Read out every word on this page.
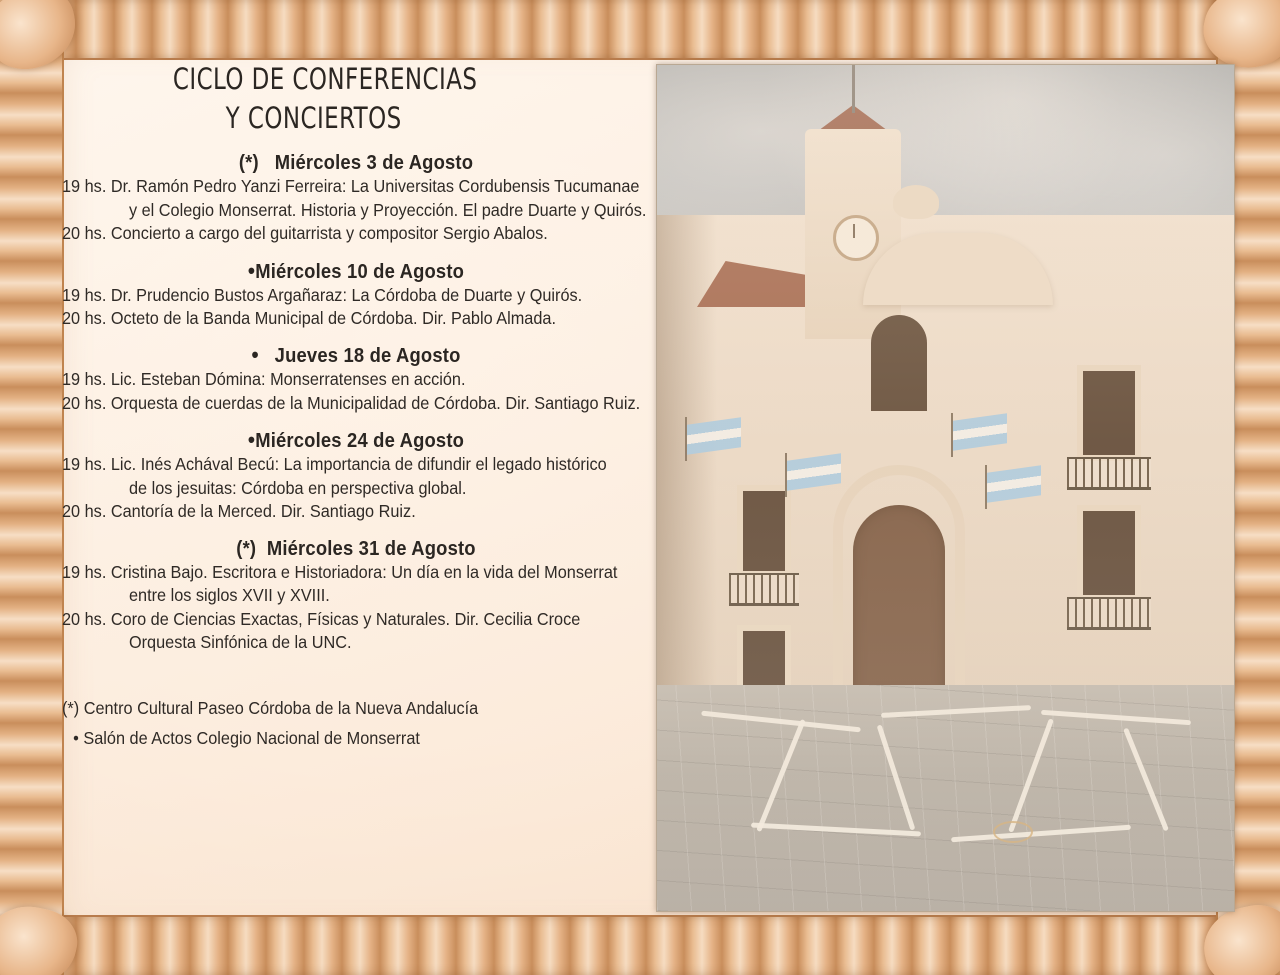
CICLO DE CONFERENCIAS
Y CONCIERTOS
(*) Miércoles 3 de Agosto
19 hs. Dr. Ramón Pedro Yanzi Ferreira: La Universitas Cordubensis Tucumanae
y el Colegio Monserrat. Historia y Proyección. El padre Duarte y Quirós.
20 hs. Concierto a cargo del guitarrista y compositor Sergio Abalos.
•Miércoles 10 de Agosto
19 hs. Dr. Prudencio Bustos Argañaraz: La Córdoba de Duarte y Quirós.
20 hs. Octeto de la Banda Municipal de Córdoba. Dir. Pablo Almada.
• Jueves 18 de Agosto
19 hs. Lic. Esteban Dómina: Monserratenses en acción.
20 hs. Orquesta de cuerdas de la Municipalidad de Córdoba. Dir. Santiago Ruiz.
•Miércoles 24 de Agosto
19 hs. Lic. Inés Achával Becú: La importancia de difundir el legado histórico
de los jesuitas: Córdoba en perspectiva global.
20 hs. Cantoría de la Merced. Dir. Santiago Ruiz.
(*) Miércoles 31 de Agosto
19 hs. Cristina Bajo. Escritora e Historiadora: Un día en la vida del Monserrat
entre los siglos XVII y XVIII.
20 hs. Coro de Ciencias Exactas, Físicas y Naturales. Dir. Cecilia Croce
Orquesta Sinfónica de la UNC.
(*) Centro Cultural Paseo Córdoba de la Nueva Andalucía
• Salón de Actos Colegio Nacional de Monserrat
